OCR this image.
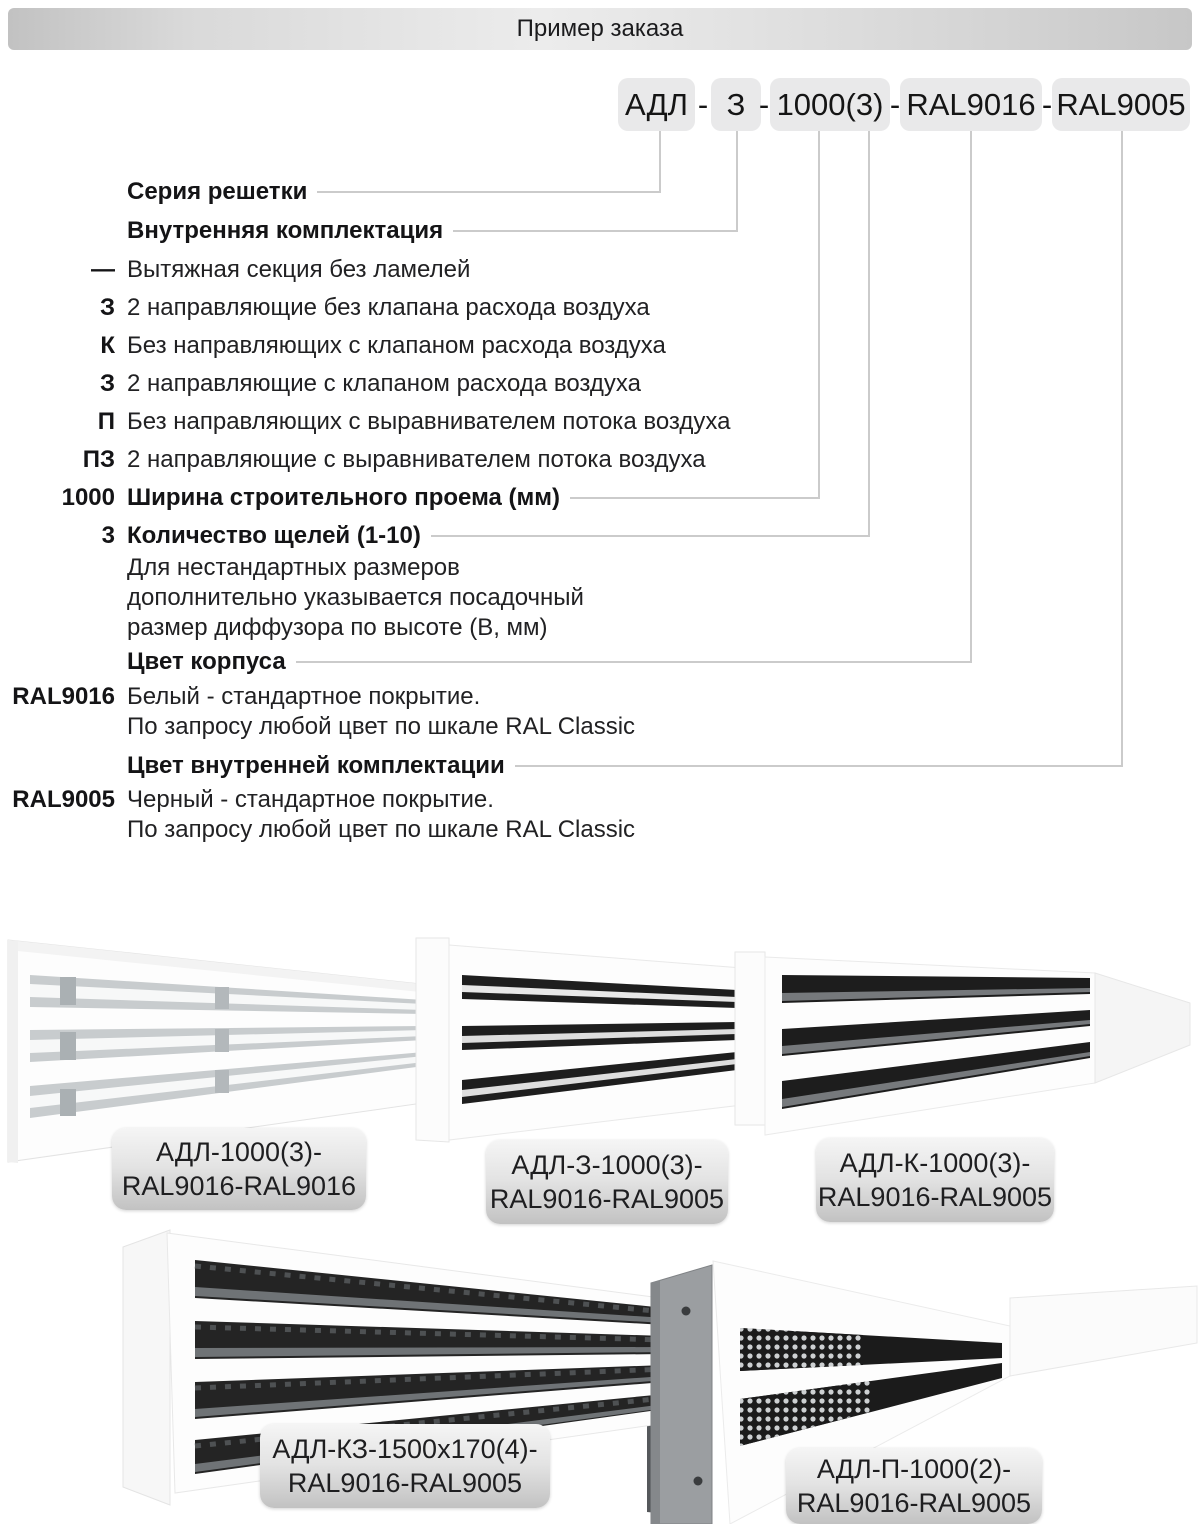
Пример заказа
АДЛ - З - 1000(3) - RAL9016 - RAL9005
Серия решетки
Внутренняя комплектация
— Вытяжная секция без ламелей
З 2 направляющие без клапана расхода воздуха
К Без направляющих с клапаном расхода воздуха
З 2 направляющие с клапаном расхода воздуха
П Без направляющих с выравнивателем потока воздуха
ПЗ 2 направляющие с выравнивателем потока воздуха
1000 Ширина строительного проема (мм)
3 Количество щелей (1-10)
Для нестандартных размеров
дополнительно указывается посадочный
размер диффузора по высоте (В, мм)
Цвет корпуса
RAL9016 Белый - стандартное покрытие.
По запросу любой цвет по шкале RAL Classic
Цвет внутренней комплектации
RAL9005 Черный - стандартное покрытие.
По запросу любой цвет по шкале RAL Classic
АДЛ-1000(3)-
RAL9016-RAL9016
АДЛ-З-1000(3)-
RAL9016-RAL9005
АДЛ-К-1000(3)-
RAL9016-RAL9005
АДЛ-КЗ-1500х170(4)-
RAL9016-RAL9005	АДЛ-П-1000(2)-
RAL9016-RAL9005
